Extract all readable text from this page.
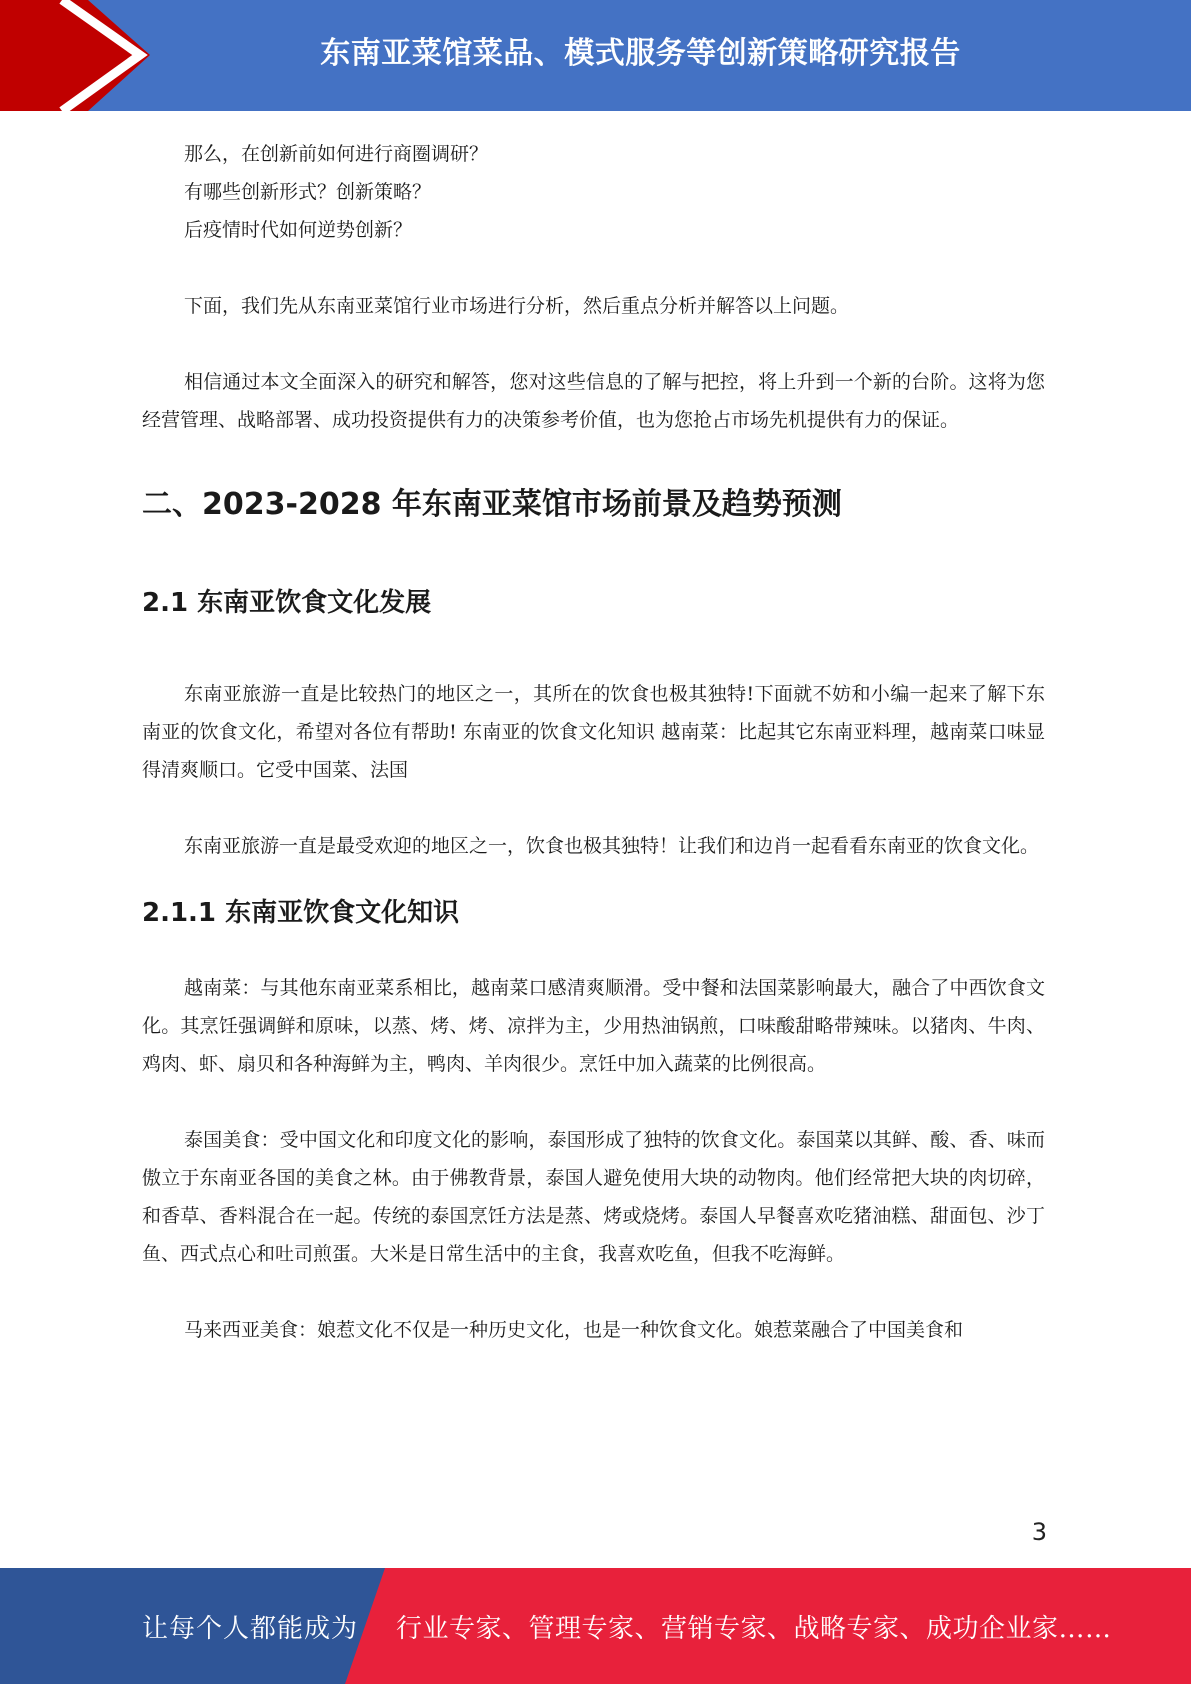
东南亚菜馆菜品、模式服务等创新策略研究报告

那么，在创新前如何进行商圈调研？

有哪些创新形式？创新策略？

后疫情时代如何逆势创新？

下面，我们先从东南亚菜馆行业市场进行分析，然后重点分析并解答以上问题。

相信通过本文全面深入的研究和解答，您对这些信息的了解与把控，将上升到一个新的台阶。这将为您经营管理、战略部署、成功投资提供有力的决策参考价值，也为您抢占市场先机提供有力的保证。

二、2023-2028 年东南亚菜馆市场前景及趋势预测
2.1 东南亚饮食文化发展

东南亚旅游一直是比较热门的地区之一，其所在的饮食也极其独特!下面就不妨和小编一起来了解下东南亚的饮食文化，希望对各位有帮助! 东南亚的饮食文化知识 越南菜：比起其它东南亚料理，越南菜口味显得清爽顺口。它受中国菜、法国

东南亚旅游一直是最受欢迎的地区之一，饮食也极其独特！让我们和边肖一起看看东南亚的饮食文化。

2.1.1 东南亚饮食文化知识

越南菜：与其他东南亚菜系相比，越南菜口感清爽顺滑。受中餐和法国菜影响最大，融合了中西饮食文化。其烹饪强调鲜和原味，以蒸、烤、烤、凉拌为主，少用热油锅煎，口味酸甜略带辣味。以猪肉、牛肉、鸡肉、虾、扇贝和各种海鲜为主，鸭肉、羊肉很少。烹饪中加入蔬菜的比例很高。

泰国美食：受中国文化和印度文化的影响，泰国形成了独特的饮食文化。泰国菜以其鲜、酸、香、味而傲立于东南亚各国的美食之林。由于佛教背景，泰国人避免使用大块的动物肉。他们经常把大块的肉切碎，和香草、香料混合在一起。传统的泰国烹饪方法是蒸、烤或烧烤。泰国人早餐喜欢吃猪油糕、甜面包、沙丁鱼、西式点心和吐司煎蛋。大米是日常生活中的主食，我喜欢吃鱼，但我不吃海鲜。

马来西亚美食：娘惹文化不仅是一种历史文化，也是一种饮食文化。娘惹菜融合了中国美食和

3
让每个人都能成为 行业专家、管理专家、营销专家、战略专家、成功企业家……
